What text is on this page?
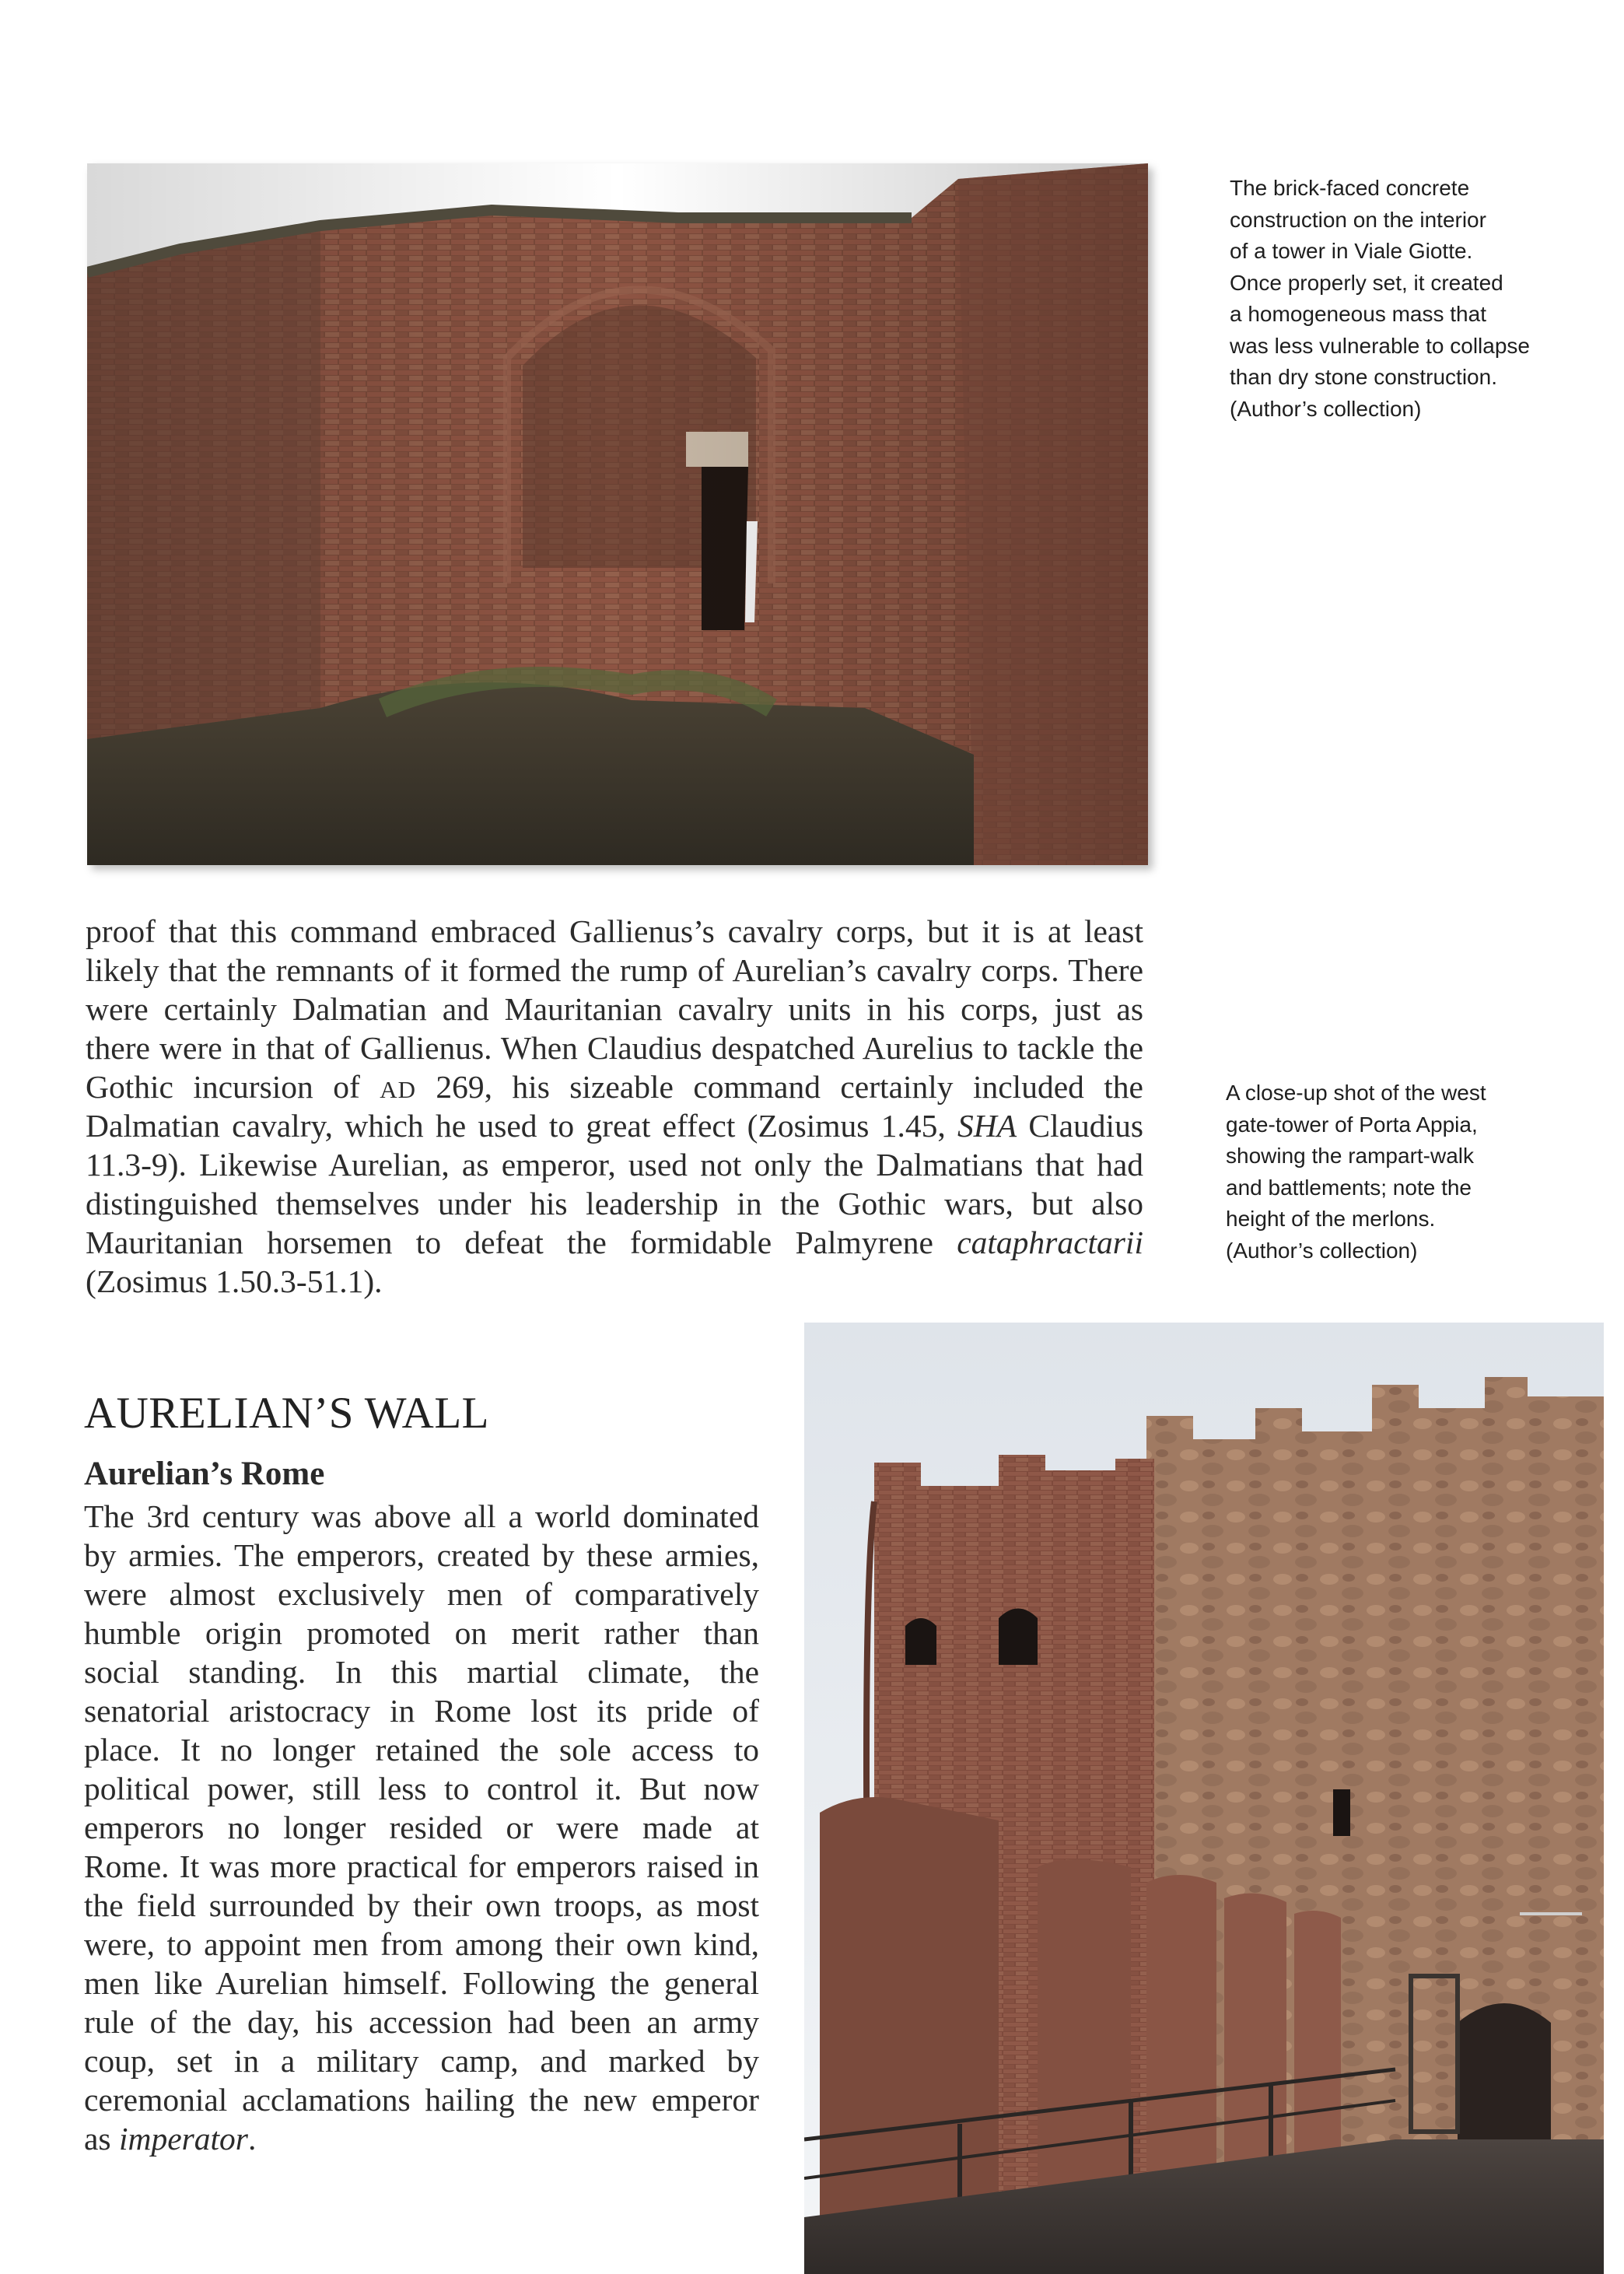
The brick-faced concrete
construction on the interior
of a tower in Viale Giotte.
Once properly set, it created
a homogeneous mass that
was less vulnerable to collapse
than dry stone construction.
(Author’s collection)
proof that this command embraced Gallienus’s cavalry corps, but it is at least
likely that the remnants of it formed the rump of Aurelian’s cavalry corps. There
were certainly Dalmatian and Mauritanian cavalry units in his corps, just as
there were in that of Gallienus. When Claudius despatched Aurelius to tackle the
Gothic incursion of AD 269, his sizeable command certainly included the
Dalmatian cavalry, which he used to great effect (Zosimus 1.45, SHA Claudius
11.3-9). Likewise Aurelian, as emperor, used not only the Dalmatians that had
distinguished themselves under his leadership in the Gothic wars, but also
Mauritanian horsemen to defeat the formidable Palmyrene cataphractarii
(Zosimus 1.50.3-51.1).
A close-up shot of the west
gate-tower of Porta Appia,
showing the rampart-walk
and battlements; note the
height of the merlons.
(Author’s collection)
AURELIAN’S WALL
Aurelian’s Rome
The 3rd century was above all a world dominated
by armies. The emperors, created by these armies,
were almost exclusively men of comparatively
humble origin promoted on merit rather than
social standing. In this martial climate, the
senatorial aristocracy in Rome lost its pride of
place. It no longer retained the sole access to
political power, still less to control it. But now
emperors no longer resided or were made at
Rome. It was more practical for emperors raised in
the field surrounded by their own troops, as most
were, to appoint men from among their own kind,
men like Aurelian himself. Following the general
rule of the day, his accession had been an army
coup, set in a military camp, and marked by
ceremonial acclamations hailing the new emperor
as imperator.
